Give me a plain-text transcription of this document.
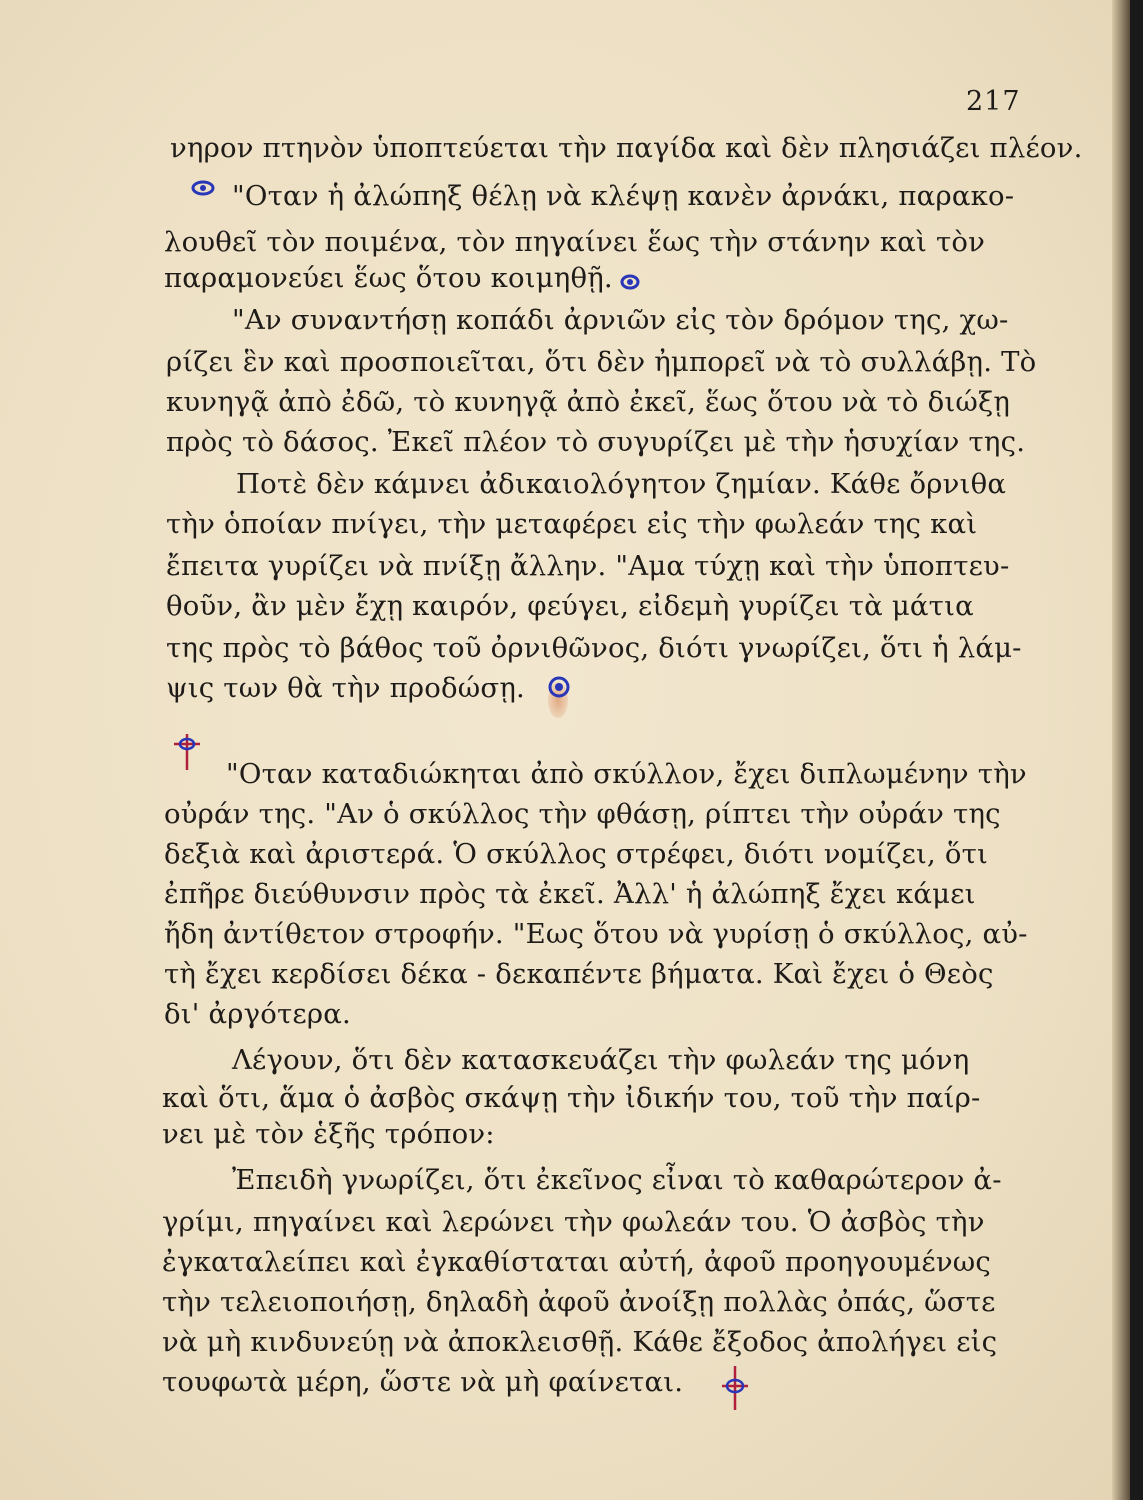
217
νηρον πτηνὸν ὑποπτεύεται τὴν παγίδα καὶ δὲν πλησιάζει πλέον.
"Οταν ἡ ἀλώπηξ θέλῃ νὰ κλέψῃ κανὲν ἀρνάκι, παρακο-
λουθεῖ τὸν ποιμένα, τὸν πηγαίνει ἕως τὴν στάνην καὶ τὸν
παραμονεύει ἕως ὅτου κοιμηθῇ.
"Αν συναντήσῃ κοπάδι ἀρνιῶν εἰς τὸν δρόμον της, χω-
ρίζει ἓν καὶ προσποιεῖται, ὅτι δὲν ἠμπορεῖ νὰ τὸ συλλάβῃ. Τὸ
κυνηγᾷ ἀπὸ ἐδῶ, τὸ κυνηγᾷ ἀπὸ ἐκεῖ, ἕως ὅτου νὰ τὸ διώξῃ
πρὸς τὸ δάσος. Ἐκεῖ πλέον τὸ συγυρίζει μὲ τὴν ἡσυχίαν της.
Ποτὲ δὲν κάμνει ἀδικαιολόγητον ζημίαν. Κάθε ὄρνιθα
τὴν ὁποίαν πνίγει, τὴν μεταφέρει εἰς τὴν φωλεάν της καὶ
ἔπειτα γυρίζει νὰ πνίξῃ ἄλλην. "Αμα τύχῃ καὶ τὴν ὑποπτευ-
θοῦν, ἂν μὲν ἔχῃ καιρόν, φεύγει, εἰδεμὴ γυρίζει τὰ μάτια
της πρὸς τὸ βάθος τοῦ ὀρνιθῶνος, διότι γνωρίζει, ὅτι ἡ λάμ-
ψις των θὰ τὴν προδώσῃ.
"Οταν καταδιώκηται ἀπὸ σκύλλον, ἔχει διπλωμένην τὴν
οὐράν της. "Αν ὁ σκύλλος τὴν φθάσῃ, ρίπτει τὴν οὐράν της
δεξιὰ καὶ ἀριστερά. Ὁ σκύλλος στρέφει, διότι νομίζει, ὅτι
ἐπῆρε διεύθυνσιν πρὸς τὰ ἐκεῖ. Ἀλλ' ἡ ἀλώπηξ ἔχει κάμει
ἤδη ἀντίθετον στροφήν. "Εως ὅτου νὰ γυρίσῃ ὁ σκύλλος, αὐ-
τὴ ἔχει κερδίσει δέκα - δεκαπέντε βήματα. Καὶ ἔχει ὁ Θεὸς
δι' ἀργότερα.
Λέγουν, ὅτι δὲν κατασκευάζει τὴν φωλεάν της μόνη
καὶ ὅτι, ἅμα ὁ ἀσβὸς σκάψῃ τὴν ἰδικήν του, τοῦ τὴν παίρ-
νει μὲ τὸν ἑξῆς τρόπον:
Ἐπειδὴ γνωρίζει, ὅτι ἐκεῖνος εἶναι τὸ καθαρώτερον ἀ-
γρίμι, πηγαίνει καὶ λερώνει τὴν φωλεάν του. Ὁ ἀσβὸς τὴν
ἐγκαταλείπει καὶ ἐγκαθίσταται αὐτή, ἀφοῦ προηγουμένως
τὴν τελειοποιήσῃ, δηλαδὴ ἀφοῦ ἀνοίξῃ πολλὰς ὀπάς, ὥστε
νὰ μὴ κινδυνεύῃ νὰ ἀποκλεισθῇ. Κάθε ἔξοδος ἀπολήγει εἰς
τουφωτὰ μέρη, ὥστε νὰ μὴ φαίνεται.
